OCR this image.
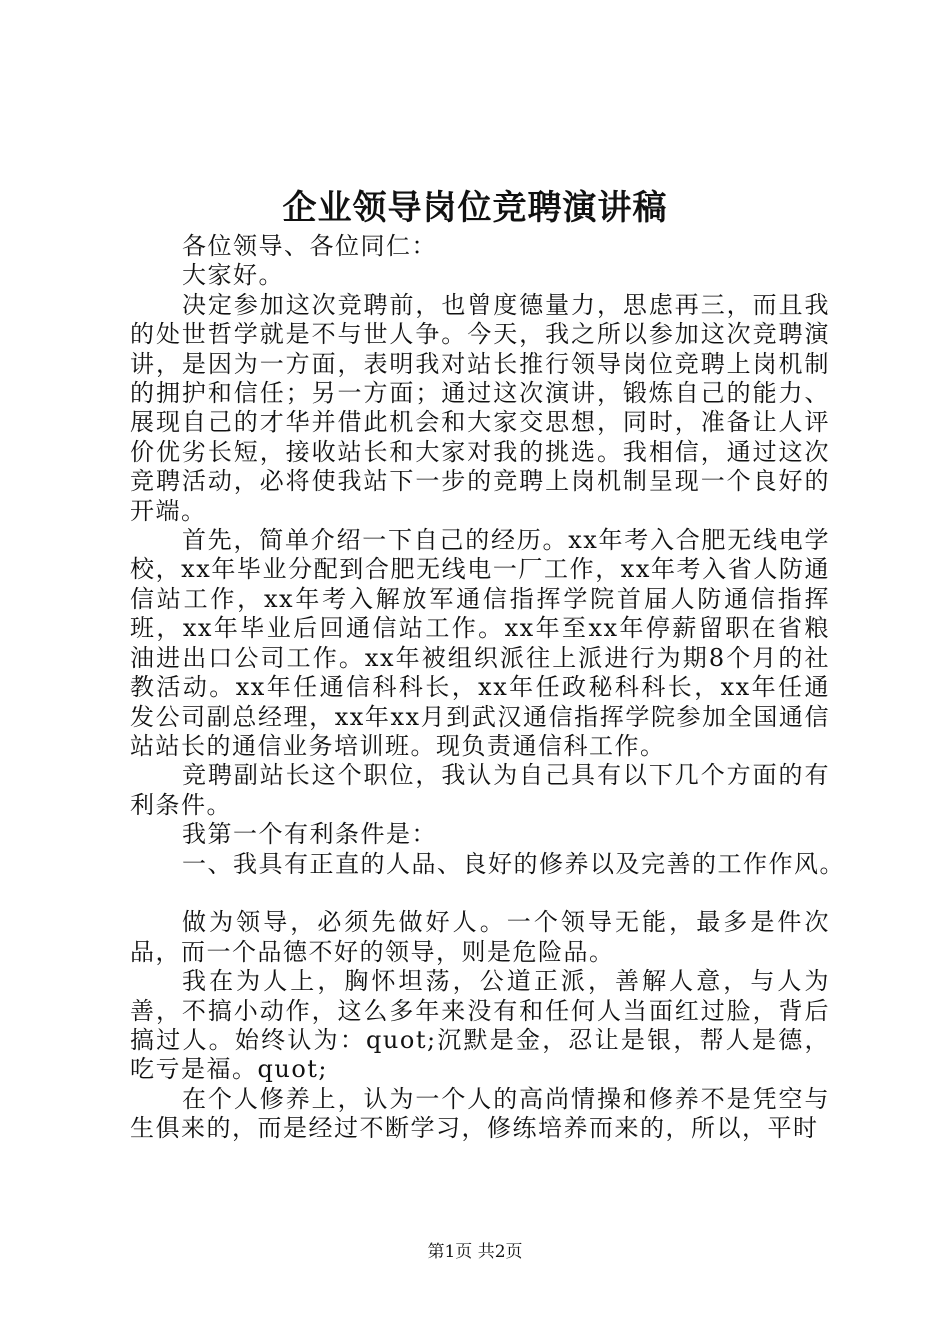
企业领导岗位竞聘演讲稿

各位领导、各位同仁：

大家好。

决定参加这次竞聘前，也曾度德量力，思虑再三，而且我的处世哲学就是不与世人争。今天，我之所以参加这次竞聘演讲，是因为一方面，表明我对站长推行领导岗位竞聘上岗机制的拥护和信任；另一方面；通过这次演讲，锻炼自己的能力、展现自己的才华并借此机会和大家交思想，同时，准备让人评价优劣长短，接收站长和大家对我的挑选。我相信，通过这次竞聘活动，必将使我站下一步的竞聘上岗机制呈现一个良好的开端。

首先，简单介绍一下自己的经历。xx年考入合肥无线电学校，xx年毕业分配到合肥无线电一厂工作，xx年考入省人防通信站工作，xx年考入解放军通信指挥学院首届人防通信指挥班，xx年毕业后回通信站工作。xx年至xx年停薪留职在省粮油进出口公司工作。xx年被组织派往上派进行为期8个月的社教活动。xx年任通信科科长，xx年任政秘科科长，xx年任通发公司副总经理，xx年xx月到武汉通信指挥学院参加全国通信站站长的通信业务培训班。现负责通信科工作。

竞聘副站长这个职位，我认为自己具有以下几个方面的有利条件。

我第一个有利条件是：

一、我具有正直的人品、良好的修养以及完善的工作作风。

做为领导，必须先做好人。一个领导无能，最多是件次品，而一个品德不好的领导，则是危险品。

我在为人上，胸怀坦荡，公道正派，善解人意，与人为善，不搞小动作，这么多年来没有和任何人当面红过脸，背后搞过人。始终认为：quot;沉默是金，忍让是银，帮人是德，吃亏是福。quot;

在个人修养上，认为一个人的高尚情操和修养不是凭空与生俱来的，而是经过不断学习，修练培养而来的，所以，平时

第1页 共2页
